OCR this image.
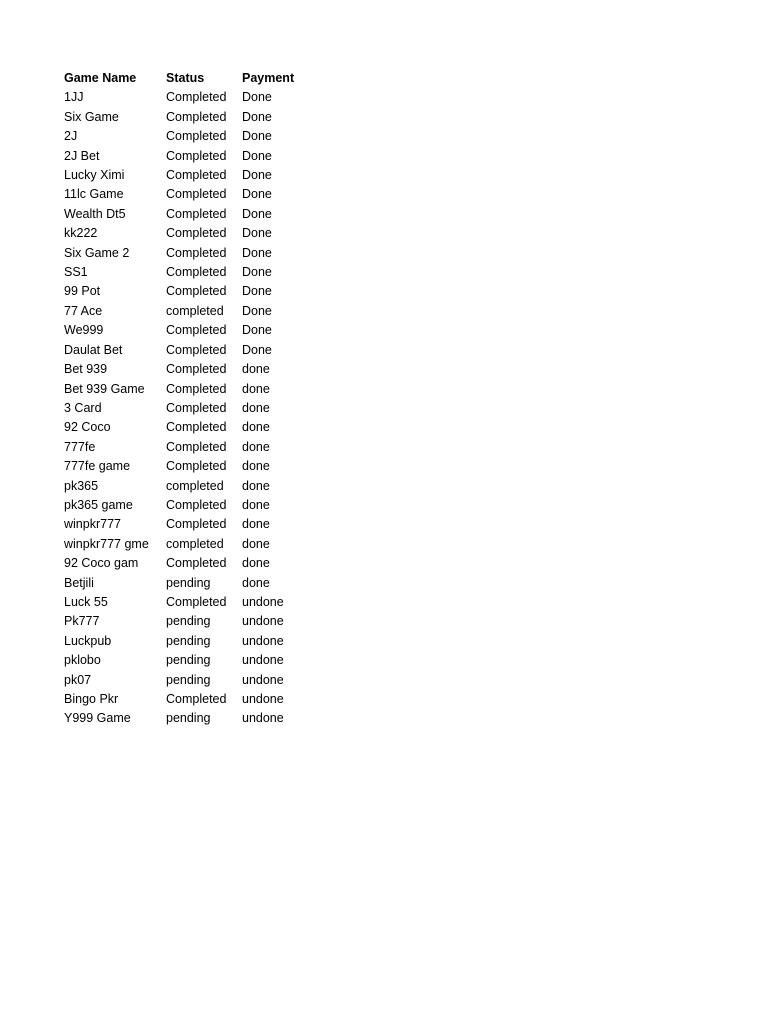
Game Name	Status	Payment
1JJ	Completed	Done
Six Game	Completed	Done
2J	Completed	Done
2J Bet	Completed	Done
Lucky Ximi	Completed	Done
11lc Game	Completed	Done
Wealth Dt5	Completed	Done
kk222	Completed	Done
Six Game 2	Completed	Done
SS1	Completed	Done
99 Pot	Completed	Done
77 Ace	completed	Done
We999	Completed	Done
Daulat Bet	Completed	Done
Bet 939	Completed	done
Bet 939 Game	Completed	done
3 Card	Completed	done
92 Coco	Completed	done
777fe	Completed	done
777fe game	Completed	done
pk365	completed	done
pk365 game	Completed	done
winpkr777	Completed	done
winpkr777 gme	completed	done
92 Coco gam	Completed	done
Betjili	pending	done
Luck 55	Completed	undone
Pk777	pending	undone
Luckpub	pending	undone
pklobo	pending	undone
pk07	pending	undone
Bingo Pkr	Completed	undone
Y999 Game	pending	undone
